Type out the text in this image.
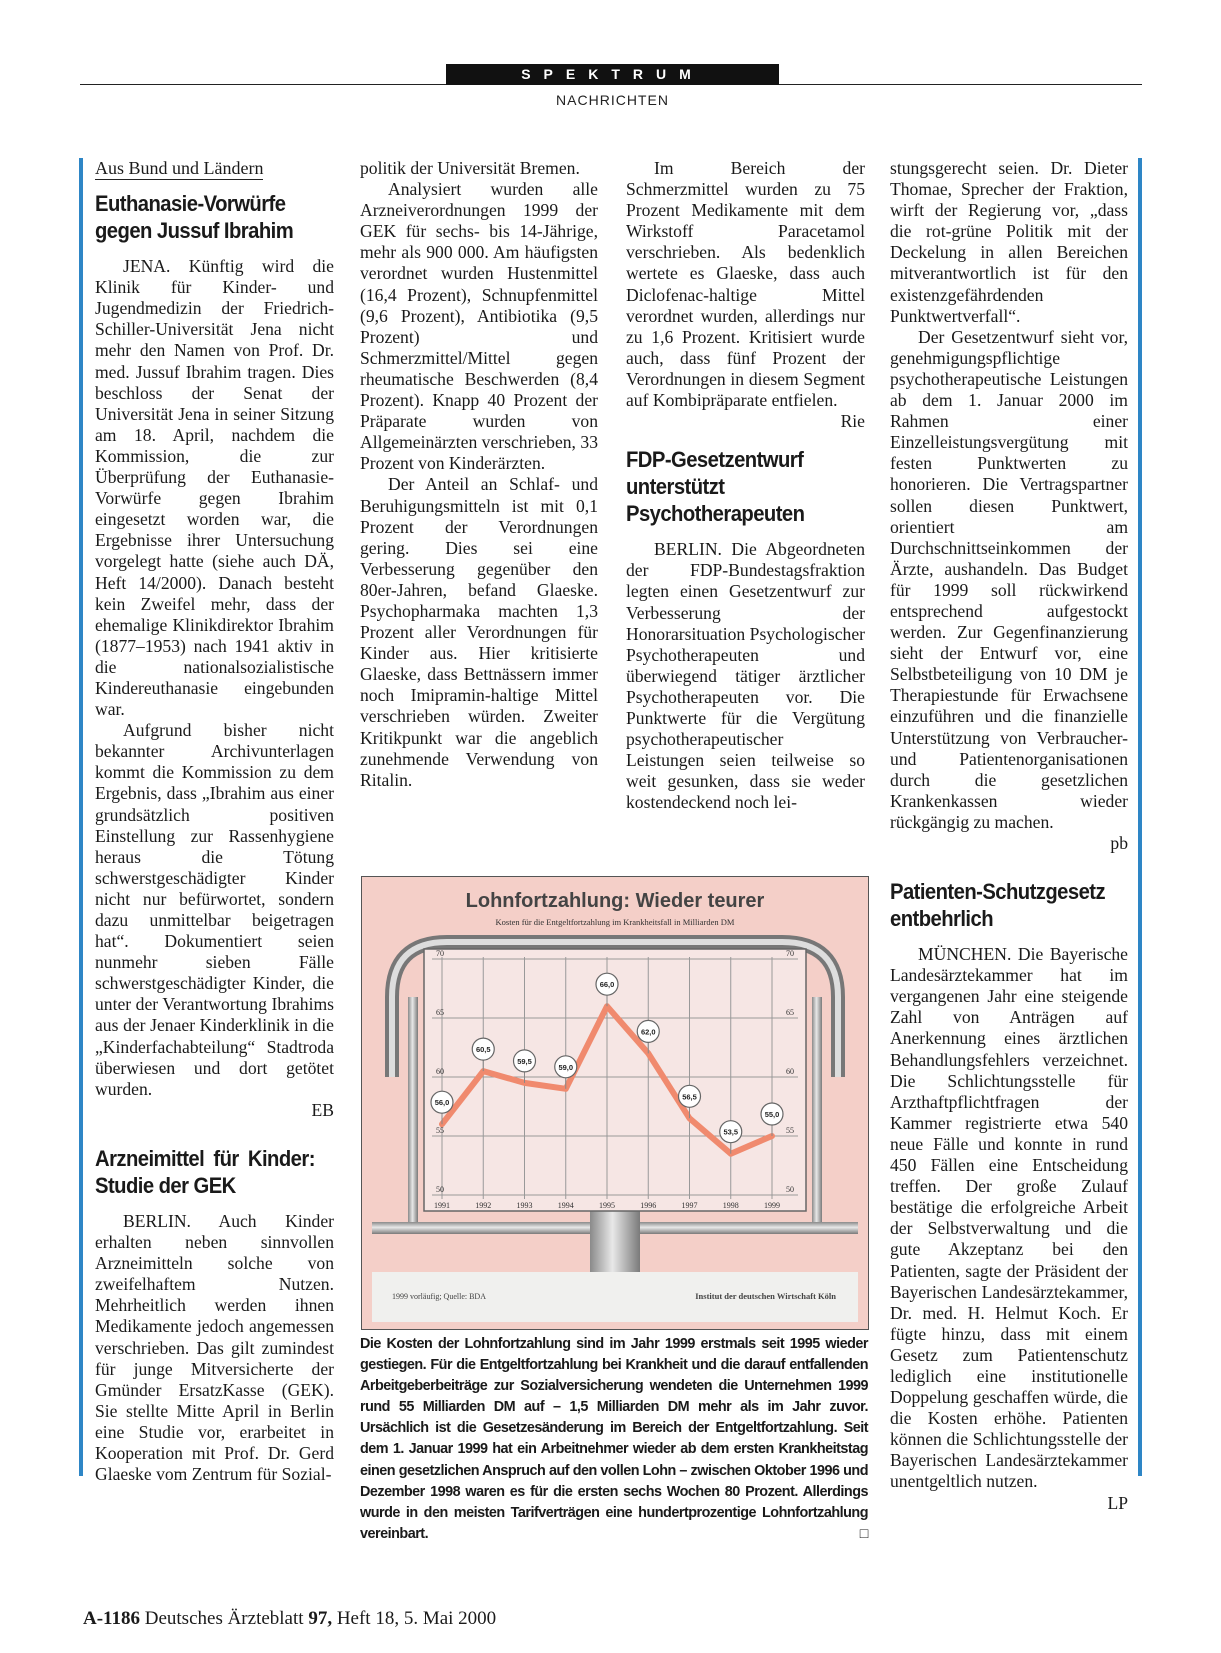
SPEKTRUM
NACHRICHTEN
Aus Bund und Ländern
Euthanasie-Vorwürfe gegen Jussuf Ibrahim

JENA. Künftig wird die Klinik für Kinder- und Jugendmedizin der Friedrich-Schiller-Universität Jena nicht mehr den Namen von Prof. Dr. med. Jussuf Ibrahim tragen. Dies beschloss der Senat der Universität Jena in seiner Sitzung am 18. April, nachdem die Kommission, die zur Überprüfung der Euthanasie-Vorwürfe gegen Ibrahim eingesetzt worden war, die Ergebnisse ihrer Untersuchung vorgelegt hatte (siehe auch DÄ, Heft 14/2000). Danach besteht kein Zweifel mehr, dass der ehemalige Klinikdirektor Ibrahim (1877–1953) nach 1941 aktiv in die nationalsozialistische Kindereuthanasie eingebunden war.

Aufgrund bisher nicht bekannter Archivunterlagen kommt die Kommission zu dem Ergebnis, dass „Ibrahim aus einer grundsätzlich positiven Einstellung zur Rassenhygiene heraus die Tötung schwerstgeschädigter Kinder nicht nur befürwortet, sondern dazu unmittelbar beigetragen hat“. Dokumentiert seien nunmehr sieben Fälle schwerstgeschädigter Kinder, die unter der Verantwortung Ibrahims aus der Jenaer Kinderklinik in die „Kinderfachabteilung“ Stadtroda überwiesen und dort getötet wurden.

EB
Arzneimittel für Kinder: Studie der GEK

BERLIN. Auch Kinder erhalten neben sinnvollen Arzneimitteln solche von zweifelhaftem Nutzen. Mehrheitlich werden ihnen Medikamente jedoch angemessen verschrieben. Das gilt zumindest für junge Mitversicherte der Gmünder ErsatzKasse (GEK). Sie stellte Mitte April in Berlin eine Studie vor, erarbeitet in Kooperation mit Prof. Dr. Gerd Glaeske vom Zentrum für Sozial-

politik der Universität Bremen.

Analysiert wurden alle Arzneiverordnungen 1999 der GEK für sechs- bis 14-Jährige, mehr als 900 000. Am häufigsten verordnet wurden Hustenmittel (16,4 Prozent), Schnupfenmittel (9,6 Prozent), Antibiotika (9,5 Prozent) und Schmerzmittel/Mittel gegen rheumatische Beschwerden (8,4 Prozent). Knapp 40 Prozent der Präparate wurden von Allgemeinärzten verschrieben, 33 Prozent von Kinderärzten.

Der Anteil an Schlaf- und Beruhigungsmitteln ist mit 0,1 Prozent der Verordnungen gering. Dies sei eine Verbesserung gegenüber den 80er-Jahren, befand Glaeske. Psychopharmaka machten 1,3 Prozent aller Verordnungen für Kinder aus. Hier kritisierte Glaeske, dass Bettnässern immer noch Imipramin-haltige Mittel verschrieben würden. Zweiter Kritikpunkt war die angeblich zunehmende Verwendung von Ritalin.

Im Bereich der Schmerzmittel wurden zu 75 Prozent Medikamente mit dem Wirkstoff Paracetamol verschrieben. Als bedenklich wertete es Glaeske, dass auch Diclofenac-haltige Mittel verordnet wurden, allerdings nur zu 1,6 Prozent. Kritisiert wurde auch, dass fünf Prozent der Verordnungen in diesem Segment auf Kombipräparate entfielen.

Rie
FDP-Gesetzentwurf unterstützt Psychotherapeuten

BERLIN. Die Abgeordneten der FDP-Bundestagsfraktion legten einen Gesetzentwurf zur Verbesserung der Honorarsituation Psychologischer Psychotherapeuten und überwiegend tätiger ärztlicher Psychotherapeuten vor. Die Punktwerte für die Vergütung psychotherapeutischer Leistungen seien teilweise so weit gesunken, dass sie weder kostendeckend noch lei-

stungsgerecht seien. Dr. Dieter Thomae, Sprecher der Fraktion, wirft der Regierung vor, „dass die rot-grüne Politik mit der Deckelung in allen Bereichen mitverantwortlich ist für den existenzgefährdenden Punktwertverfall“.

Der Gesetzentwurf sieht vor, genehmigungspflichtige psychotherapeutische Leistungen ab dem 1. Januar 2000 im Rahmen einer Einzelleistungsvergütung mit festen Punktwerten zu honorieren. Die Vertragspartner sollen diesen Punktwert, orientiert am Durchschnittseinkommen der Ärzte, aushandeln. Das Budget für 1999 soll rückwirkend entsprechend aufgestockt werden. Zur Gegenfinanzierung sieht der Entwurf vor, eine Selbstbeteiligung von 10 DM je Therapiestunde für Erwachsene einzuführen und die finanzielle Unterstützung von Verbraucher- und Patientenorganisationen durch die gesetzlichen Krankenkassen wieder rückgängig zu machen.

pb
Patienten-Schutzgesetz entbehrlich

MÜNCHEN. Die Bayerische Landesärztekammer hat im vergangenen Jahr eine steigende Zahl von Anträgen auf Anerkennung eines ärztlichen Behandlungsfehlers verzeichnet. Die Schlichtungsstelle für Arzthaftpflichtfragen der Kammer registrierte etwa 540 neue Fälle und konnte in rund 450 Fällen eine Entscheidung treffen. Der große Zulauf bestätige die erfolgreiche Arbeit der Selbstverwaltung und die gute Akzeptanz bei den Patienten, sagte der Präsident der Bayerischen Landesärztekammer, Dr. med. H. Helmut Koch. Er fügte hinzu, dass mit einem Gesetz zum Patientenschutz lediglich eine institutionelle Doppelung geschaffen würde, die die Kosten erhöhe. Patienten können die Schlichtungsstelle der Bayerischen Landesärztekammer unentgeltlich nutzen.

LP
50	50
55	55
60	60
65	65
70	70
1991	1992	1993	1994	1995	1996	1997	1998	1999
56,0
60,5
59,5
59,0
66,0
62,0
56,5
53,5
55,0
Lohnfortzahlung: Wieder teurer
Kosten für die Entgeltfortzahlung im Krankheitsfall in Milliarden DM
1999 vorläufig; Quelle: BDA	Institut der deutschen Wirtschaft Köln
Die Kosten der Lohnfortzahlung sind im Jahr 1999 erstmals seit 1995 wieder gestiegen. Für die Entgeltfortzahlung bei Krankheit und die darauf entfallenden Arbeitgeberbeiträge zur Sozialversicherung wendeten die Unternehmen 1999 rund 55 Milliarden DM auf – 1,5 Milliarden DM mehr als im Jahr zuvor. Ursächlich ist die Gesetzesänderung im Bereich der Entgeltfortzahlung. Seit dem 1. Januar 1999 hat ein Arbeitnehmer wieder ab dem ersten Krankheitstag einen gesetzlichen Anspruch auf den vollen Lohn – zwischen Oktober 1996 und Dezember 1998 waren es für die ersten sechs Wochen 80 Prozent. Allerdings wurde in den meisten Tarifverträgen eine hundertprozentige Lohnfortzahlung vereinbart.	□
A-1186 Deutsches Ärzteblatt 97, Heft 18, 5. Mai 2000
